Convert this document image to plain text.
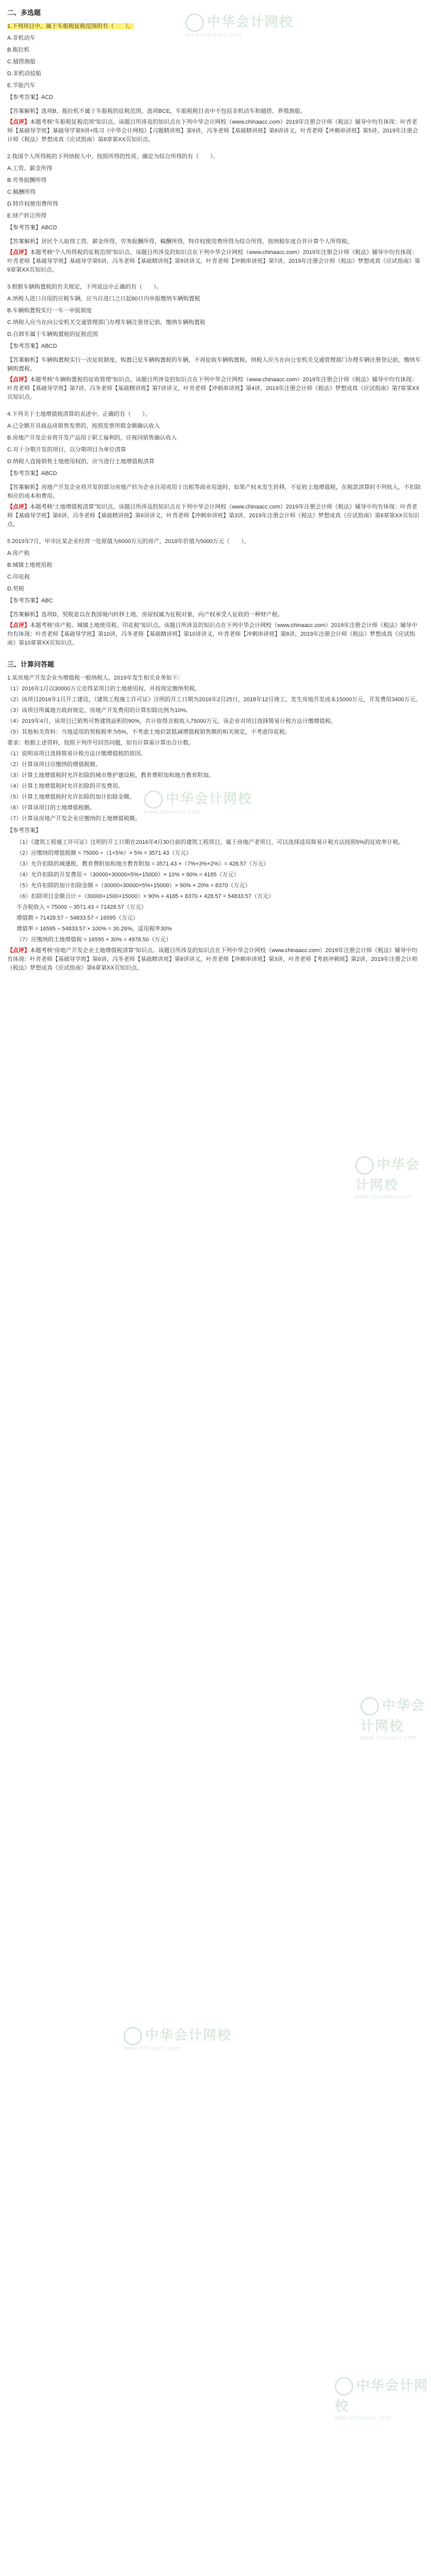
中华会计网校
www.chinaacc.com
中华会计网校
www.chinaacc.com
中华会计网校
www.chinaacc.com
中华会计网校
www.chinaacc.com
中华会计网校
www.chinaacc.com
中华会计网校
www.chinaacc.com
二、多选题
1.下列项目中，属于车船税征税范围的有（　　）。
A.非机动车
B.拖拉机
C.捕捞渔船
D.非机动驳船
E.节能汽车
【参考答案】ACD
【答案解析】选项B，拖拉机不属于车船税的征税范围，选项BCE，车船税税目表中不包括非机动车和捕捞、养殖渔船。
【点评】本题考核“车船税征税范围”知识点。该题目所涉及的知识点在下列中华会计网校（www.chinaacc.com）2019年注册会计师《税法》辅导中均有体现：叶青老师【基础导学班】基础导学第9讲+练习《中华会计网校》【习题精讲班】第9讲，冯冬老师【基础精讲班】第8讲讲义，叶青老师【冲刺串讲班】第5讲，2019年注册会计师《税法》梦想成真《应试指南》第8章第XX页知识点。
2.我国个人所得税的下列纳税人中，按照所得的性质，确定为综合所得的有（　　）。
A.工资、薪金所得
B.劳务报酬所得
C.稿酬所得
D.特许权使用费所得
E.财产转让所得
【参考答案】ABCD
【答案解析】居民个人取得工资、薪金所得，劳务报酬所得，稿酬所得，特许权使用费所得为综合所得，按纳税年度合并计算个人所得税。
【点评】本题考核“个人所得税的征税范围”知识点。该题目所涉及的知识点在下列中华会计网校（www.chinaacc.com）2019年注册会计师《税法》辅导中均有体现：叶青老师【基础导学班】基础导学第5讲，冯冬老师【基础精讲班】第9讲讲义，叶青老师【冲刺串讲班】第7讲，2019年注册会计师《税法》梦想成真《应试指南》第9章第XX页知识点。
3.根据车辆购置税的有关规定，下列说法中正确的有（　　）。
A.纳税人进口自用的应税车辆，应当自进口之日起60日内申报缴纳车辆购置税
B.车辆购置税实行一车一申报制度
C.纳税人应当在向公安机关交通管理部门办理车辆注册登记前，缴纳车辆购置税
D.自卸车属于车辆购置税的征税范围
【参考答案】ABCD
【答案解析】车辆购置税实行一次征收制度，购置已征车辆购置税的车辆，不再征收车辆购置税。纳税人应当在向公安机关交通管理部门办理车辆注册登记前，缴纳车辆购置税。
【点评】本题考核“车辆购置税的征收管理”知识点。该题目所涉及的知识点在下列中华会计网校（www.chinaacc.com）2019年注册会计师《税法》辅导中均有体现：叶青老师【基础导学班】第7讲，冯冬老师【基础精讲班】第7讲讲义，叶青老师【冲刺串讲班】第4讲，2019年注册会计师《税法》梦想成真《应试指南》第7章第XX页知识点。
4.下列关于土地增值税清算的表述中，正确的有（　　）。
A.已全额开具商品房销售发票的，按照发票所载金额确认收入
B.房地产开发企业将开发产品用于职工福利的，应视同销售确认收入
C.对于分期开发的项目，以分期项目为单位清算
D.纳税人直接销售土地使用权的，应当进行土地增值税清算
【参考答案】ABCD
【答案解析】房地产开发企业将开发的部分房地产转为企业自用或用于出租等商业用途时，如果产权未发生转移，不征收土地增值税，在税款清算时不列收入，不扣除相应的成本和费用。
【点评】本题考核“土地增值税清算”知识点。该题目所涉及的知识点在下列中华会计网校（www.chinaacc.com）2019年注册会计师《税法》辅导中均有体现：叶青老师【基础导学班】第6讲，冯冬老师【基础精讲班】第6讲讲义，叶青老师【冲刺串讲班】第3讲，2019年注册会计师《税法》梦想成真《应试指南》第6章第XX页知识点。
5.2019年7月，甲市区某企业经营一处原值为6000万元的房产，2018年价值为5000万元（　　）。
A.房产税
B.城镇土地使用税
C.印花税
D.契税
【参考答案】ABC
【答案解析】选项D，契税是以在我国境内转移土地、房屋权属为征税对象，向产权承受人征收的一种财产税。
【点评】本题考核“房产税、城镇土地使用税、印花税”知识点。该题目所涉及的知识点在下列中华会计网校（www.chinaacc.com）2019年注册会计师《税法》辅导中均有体现：叶青老师【基础导学班】第10讲，冯冬老师【基础精讲班】第10讲讲义，叶青老师【冲刺串讲班】第8讲，2019年注册会计师《税法》梦想成真《应试指南》第10章第XX页知识点。
三、计算问答题
1.某房地产开发企业为增值税一般纳税人，2019年发生相关业务如下：
（1）2016年1月以30000万元竞得某项目的土地使用权，并按规定缴纳契税。
（2）该项目2016年1月开工建设，《建筑工程施工许可证》注明的开工日期为2016年2月25日，2018年12月竣工，发生房地开发成本15000万元，开发费用3400万元。
（3）该项目所属地方政府规定，房地产开发费用的计算扣除比例为10%。
（4）2019年4月，该项目已销售可售建筑面积的90%，共计取得含税收入75000万元，该企业对项目选择简易计税方法计缴增值税。
（5）其他相关资料：当地适用的契税税率为5%，不考虑土地价款抵减增值税销售额的相关规定，不考虑印花税。
要求：根据上述资料，按照下列序号回答问题，如有计算需计算出合计数。
（1）说明该项目选择简易计税方法计缴增值税的原因。
（2）计算该项目应缴纳的增值税额。
（3）计算土地增值税时允许扣除的城市维护建设税、教育费附加和地方教育附加。
（4）计算土地增值税时允许扣除的开发费用。
（5）计算土地增值税时允许扣除的加计扣除金额。
（6）计算该项目的土地增值税额。
（7）计算该房地产开发企业应缴纳的土地增值税额。
【参考答案】
（1）《建筑工程施工许可证》注明的开工日期在2016年4月30日前的建筑工程项目，属于房地产老项目，可以选择适用简易计税方法按照5%的征收率计税。
（2）应缴纳的增值税额 = 75000 ÷（1+5%）× 5% = 3571.43（万元）
（3）允许扣除的城建税、教育费附加和地方教育附加 = 3571.43 ×（7%+3%+2%）= 428.57（万元）
（4）允许扣除的开发费用 =（30000+30000×5%+15000）× 10% × 90% = 4185（万元）
（5）允许扣除的加计扣除金额 =（30000+30000×5%+15000）× 90% × 20% = 8370（万元）
（6）扣除项目金额合计 =（30000+1500+15000）× 90% + 4185 + 8370 + 428.57 = 54833.57（万元）
不含税收入 = 75000 − 3571.43 = 71428.57（万元）
增值额 = 71428.57 − 54833.57 = 16595（万元）
增值率 = 16595 ÷ 54833.57 × 100% = 30.26%，适用税率30%
（7）应缴纳的土地增值税 = 16595 × 30% = 4978.50（万元）
【点评】本题考核“房地产开发企业土地增值税清算”知识点。该题目所涉及的知识点在下列中华会计网校（www.chinaacc.com）2019年注册会计师《税法》辅导中均有体现：叶青老师【基础导学班】第6讲，冯冬老师【基础精讲班】第6讲讲义，叶青老师【冲刺串讲班】第3讲，叶青老师【考前冲刺班】第2讲，2019年注册会计师《税法》梦想成真《应试指南》第6章第XX页知识点。
